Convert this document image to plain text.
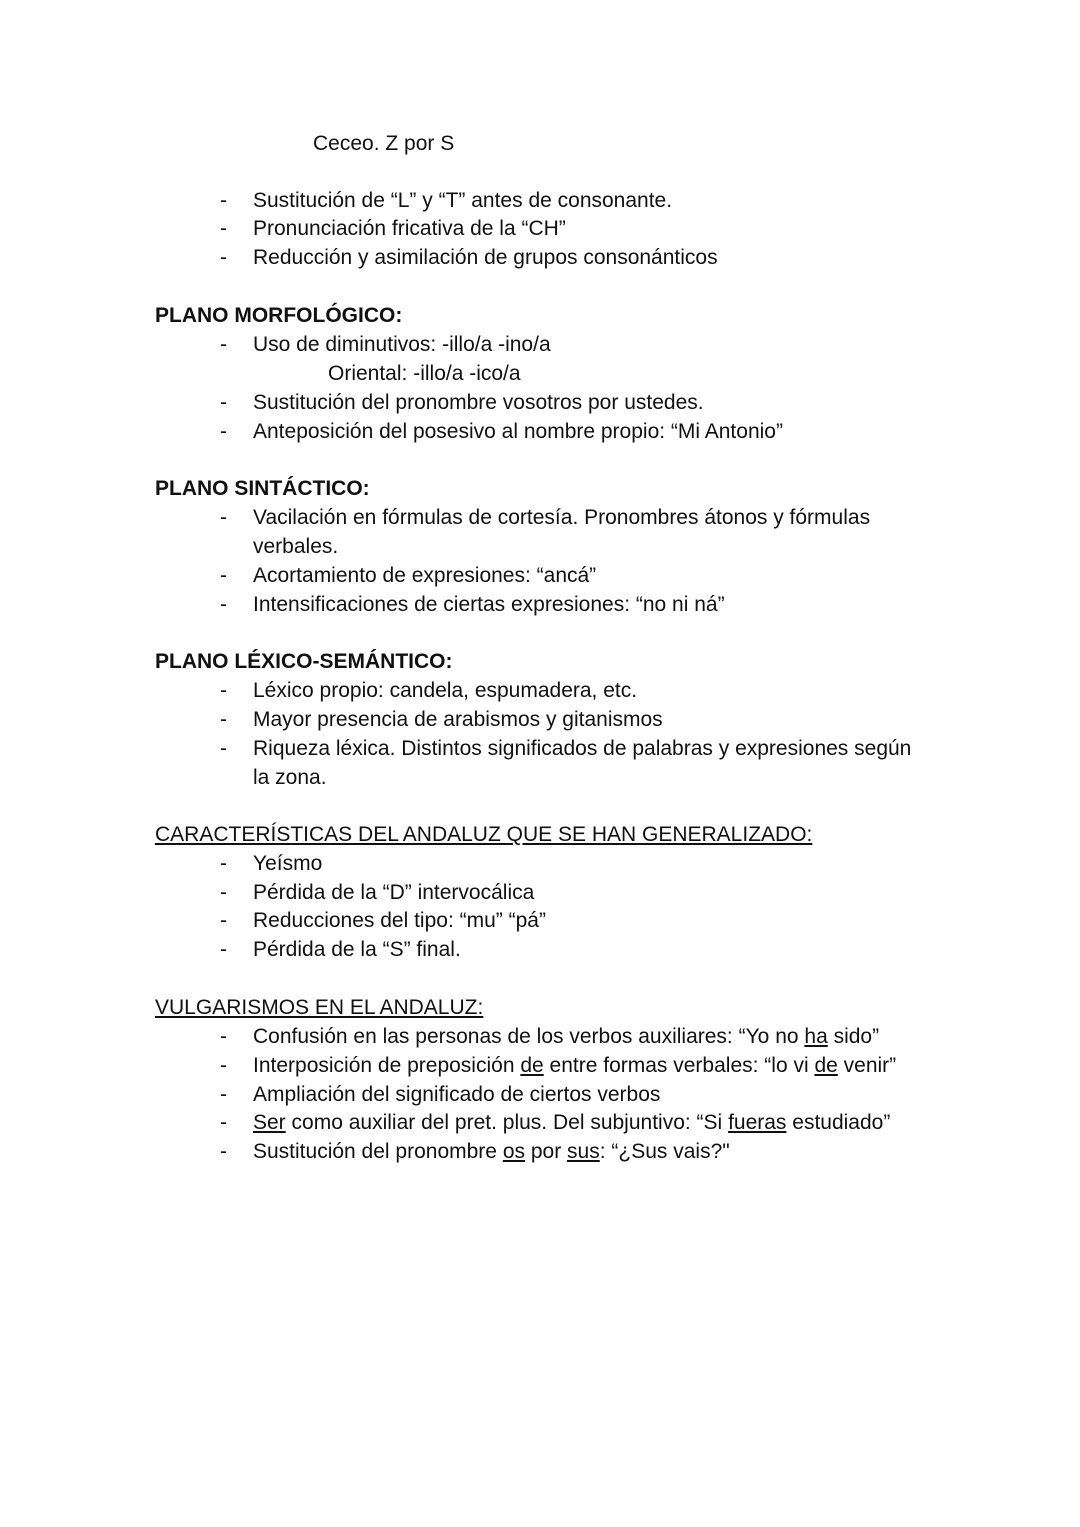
Ceceo. Z por S
- Sustitución de “L” y “T” antes de consonante.
- Pronunciación fricativa de la “CH”
- Reducción y asimilación de grupos consonánticos
PLANO MORFOLÓGICO:
- Uso de diminutivos: -illo/a -ino/a
Oriental: -illo/a -ico/a
- Sustitución del pronombre vosotros por ustedes.
- Anteposición del posesivo al nombre propio: “Mi Antonio”
PLANO SINTÁCTICO:
- Vacilación en fórmulas de cortesía. Pronombres átonos y fórmulas
verbales.
- Acortamiento de expresiones: “ancá”
- Intensificaciones de ciertas expresiones: “no ni ná”
PLANO LÉXICO-SEMÁNTICO:
- Léxico propio: candela, espumadera, etc.
- Mayor presencia de arabismos y gitanismos
- Riqueza léxica. Distintos significados de palabras y expresiones según
la zona.
CARACTERÍSTICAS DEL ANDALUZ QUE SE HAN GENERALIZADO:
- Yeísmo
- Pérdida de la “D” intervocálica
- Reducciones del tipo: “mu” “pá”
- Pérdida de la “S” final.
VULGARISMOS EN EL ANDALUZ:
- Confusión en las personas de los verbos auxiliares: “Yo no ha sido”
- Interposición de preposición de entre formas verbales: “lo vi de venir”
- Ampliación del significado de ciertos verbos
- Ser como auxiliar del pret. plus. Del subjuntivo: “Si fueras estudiado”
- Sustitución del pronombre os por sus: “¿Sus vais?"
